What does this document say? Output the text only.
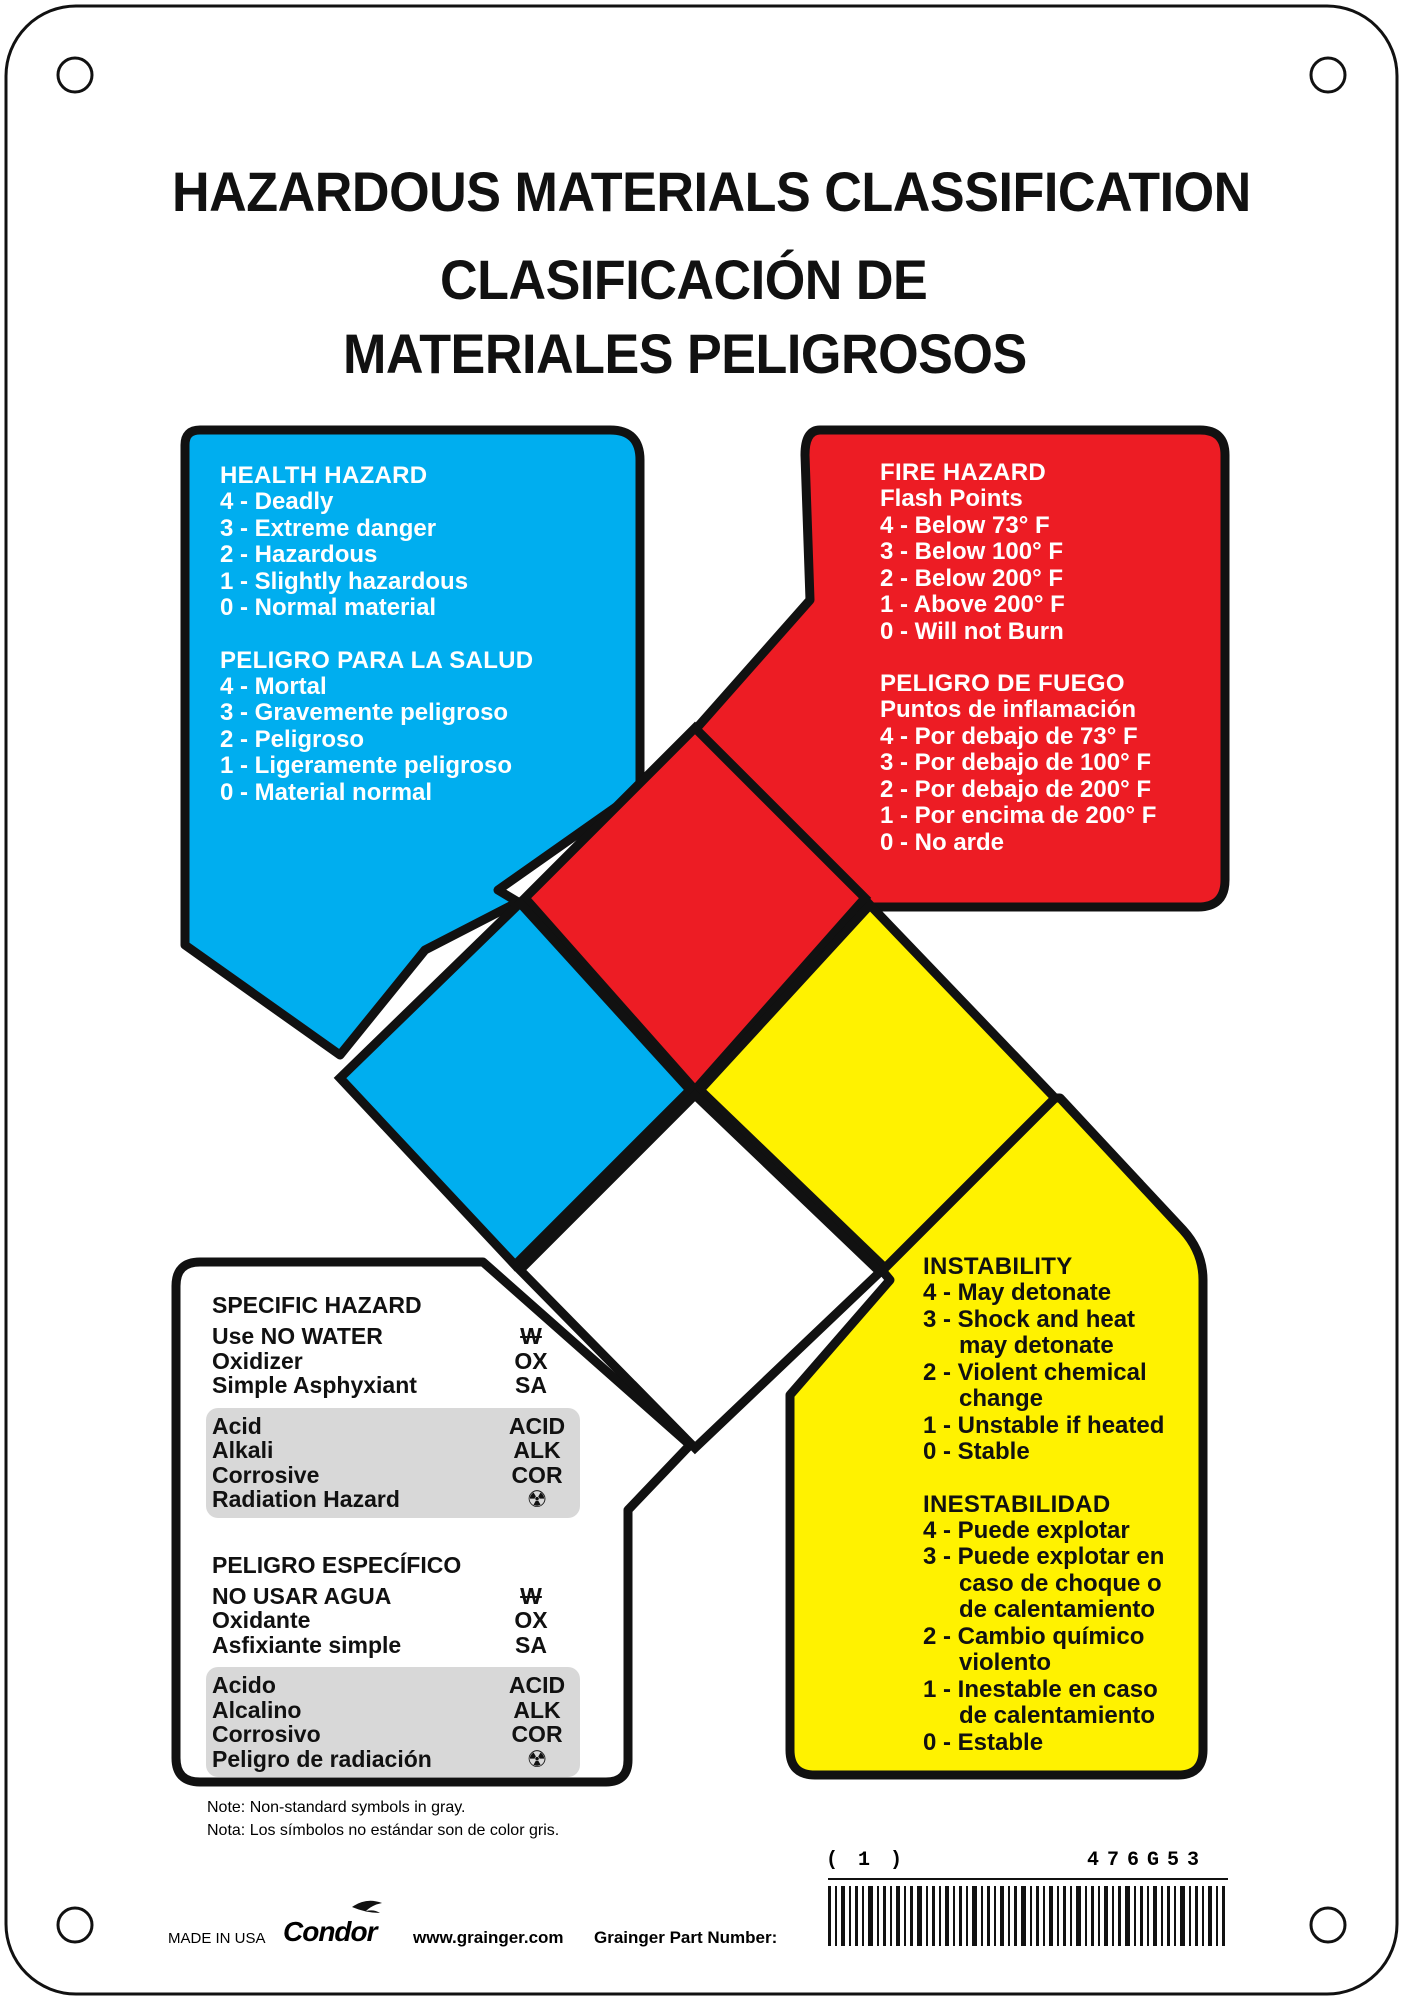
HAZARDOUS MATERIALS CLASSIFICATION
CLASIFICACIÓN DE
MATERIALES PELIGROSOS
HEALTH HAZARD
4 - Deadly
3 - Extreme danger
2 - Hazardous
1 - Slightly hazardous
0 - Normal material
PELIGRO PARA LA SALUD
4 - Mortal
3 - Gravemente peligroso
2 - Peligroso
1 - Ligeramente peligroso
0 - Material normal
FIRE HAZARD
Flash Points
4 - Below 73° F
3 - Below 100° F
2 - Below 200° F
1 - Above 200° F
0 - Will not Burn
PELIGRO DE FUEGO
Puntos de inflamación
4 - Por debajo de 73° F
3 - Por debajo de 100° F
2 - Por debajo de 200° F
1 - Por encima de 200° F
0 - No arde
INSTABILITY
4 - May detonate
3 - Shock and heat
may detonate
2 - Violent chemical
change
1 - Unstable if heated
0 - Stable
INESTABILIDAD
4 - Puede explotar
3 - Puede explotar en
caso de choque o
de calentamiento
2 - Cambio químico
violento
1 - Inestable en caso
de calentamiento
0 - Estable
SPECIFIC HAZARD
Use NO WATER	W
Oxidizer	OX
Simple Asphyxiant	SA
Acid	ACID
Alkali	ALK
Corrosive	COR
Radiation Hazard	☢
PELIGRO ESPECÍFICO
NO USAR AGUA	W
Oxidante	OX
Asfixiante simple	SA
Acido	ACID
Alcalino	ALK
Corrosivo	COR
Peligro de radiación	☢
Note: Non-standard symbols in gray.
Nota: Los símbolos no estándar son de color gris.
MADE IN USA Condor www.grainger.com Grainger Part Number:
( 1 )	476G53
